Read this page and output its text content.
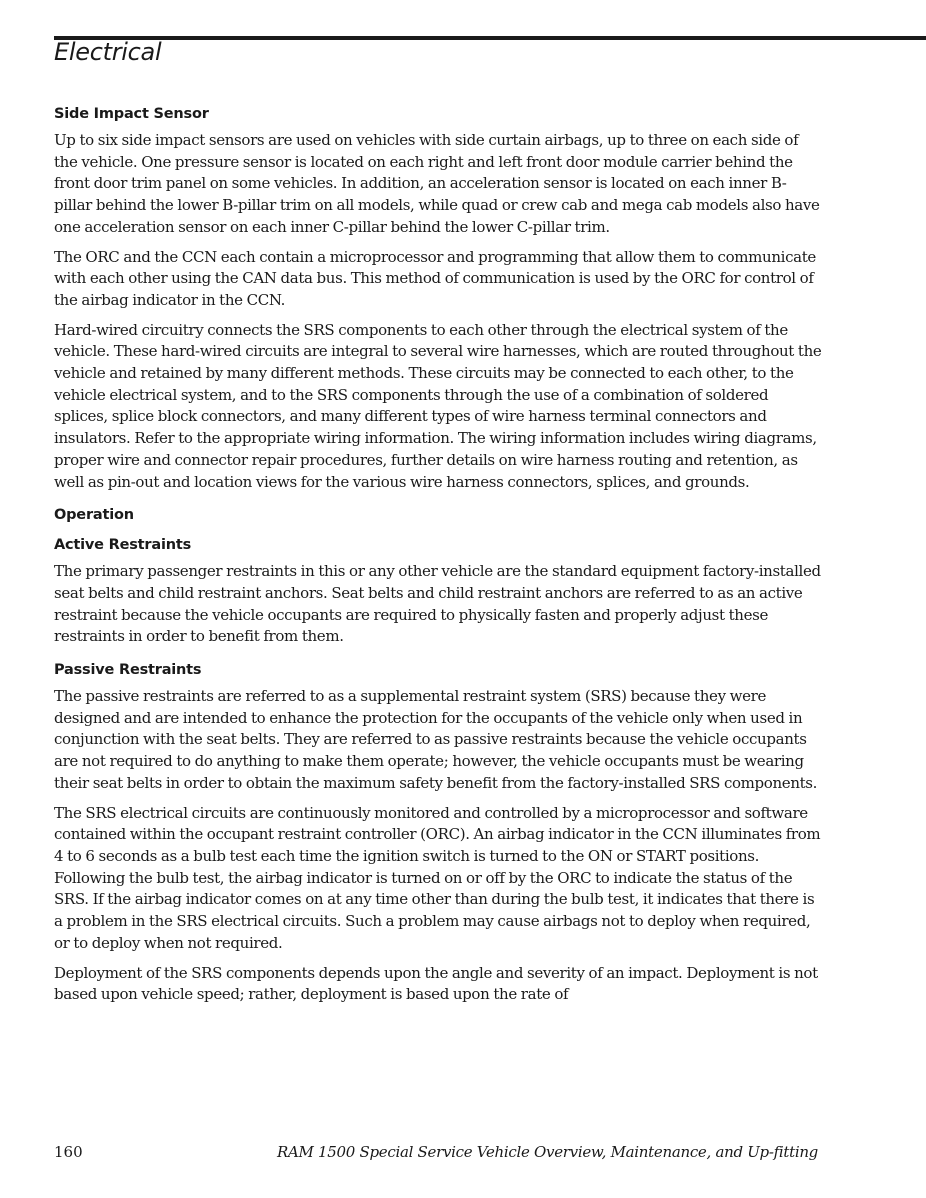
Electrical
Side Impact Sensor

Up to six side impact sensors are used on vehicles with side curtain airbags, up to three on each side of the vehicle. One pressure sensor is located on each right and left front door module carrier behind the front door trim panel on some vehicles. In addition, an acceleration sensor is located on each inner B-pillar behind the lower B-pillar trim on all models, while quad or crew cab and mega cab models also have one acceleration sensor on each inner C-pillar behind the lower C-pillar trim.

The ORC and the CCN each contain a microprocessor and programming that allow them to communicate with each other using the CAN data bus. This method of communication is used by the ORC for control of the airbag indicator in the CCN.

Hard-wired circuitry connects the SRS components to each other through the electrical system of the vehicle. These hard-wired circuits are integral to several wire harnesses, which are routed throughout the vehicle and retained by many different methods. These circuits may be connected to each other, to the vehicle electrical system, and to the SRS components through the use of a combination of soldered splices, splice block connectors, and many different types of wire harness terminal connectors and insulators. Refer to the appropriate wiring information. The wiring information includes wiring diagrams, proper wire and connector repair procedures, further details on wire harness routing and retention, as well as pin-out and location views for the various wire harness connectors, splices, and grounds.

Operation
Active Restraints

The primary passenger restraints in this or any other vehicle are the standard equipment factory-installed seat belts and child restraint anchors. Seat belts and child restraint anchors are referred to as an active restraint because the vehicle occupants are required to physically fasten and properly adjust these restraints in order to benefit from them.

Passive Restraints

The passive restraints are referred to as a supplemental restraint system (SRS) because they were designed and are intended to enhance the protection for the occupants of the vehicle only when used in conjunction with the seat belts. They are referred to as passive restraints because the vehicle occupants are not required to do anything to make them operate; however, the vehicle occupants must be wearing their seat belts in order to obtain the maximum safety benefit from the factory-installed SRS components.

The SRS electrical circuits are continuously monitored and controlled by a microprocessor and software contained within the occupant restraint controller (ORC). An airbag indicator in the CCN illuminates from 4 to 6 seconds as a bulb test each time the ignition switch is turned to the ON or START positions. Following the bulb test, the airbag indicator is turned on or off by the ORC to indicate the status of the SRS. If the airbag indicator comes on at any time other than during the bulb test, it indicates that there is a problem in the SRS electrical circuits. Such a problem may cause airbags not to deploy when required, or to deploy when not required.

Deployment of the SRS components depends upon the angle and severity of an impact. Deployment is not based upon vehicle speed; rather, deployment is based upon the rate of

160	RAM 1500 Special Service Vehicle Overview, Maintenance, and Up-fitting
